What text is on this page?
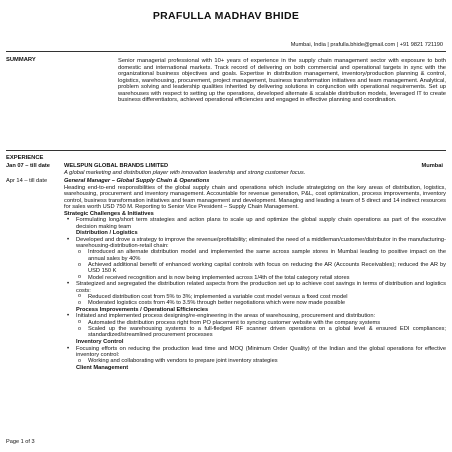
PRAFULLA MADHAV BHIDE
Mumbai, India | prafulla.bhide@gmail.com | +91 9821 721190
SUMMARY	Senior managerial professional with 10+ years of experience in the supply chain management sector with exposure to both domestic and international markets. Track record of delivering on both commercial and operational targets in sync with the organizational business objectives and goals. Expertise in distribution management, inventory/production planning & control, logistics, warehousing, procurement, project management, business transformation initiatives and team management. Analytical, problem solving and leadership qualities inherited by delivering solutions in conjunction with operational requirements. Set up warehouses with respect to setting up the operations, developed alternate & scalable distribution models, leveraged IT to create business differentiators, achieved operational efficiencies and engaged in effective planning and coordination.
EXPERIENCE
Jan 07 – till date WELSPUN GLOBAL BRANDS LIMITED	Mumbai
A global marketing and distribution player with innovation leadership and strong customer focus.
Apr 14 – till date	General Manager – Global Supply Chain & Operations

Heading end-to-end responsibilities of the global supply chain and operations which include strategizing on the key areas of distribution, logistics, warehousing, procurement and inventory management. Accountable for revenue generation, P&L, cost optimization, process improvements, inventory control, business transformation initiatives and team management and development. Managing and leading a team of 5 direct and 14 indirect resources for sales worth USD 750 M. Reporting to Senior Vice President – Supply Chain Management.

Strategic Challenges & Initiatives
• Formulating long/short term strategies and action plans to scale up and optimize the global supply chain operations as part of the executive decision making team
Distribution / Logistics
• Developed and drove a strategy to improve the revenue/profitability; eliminated the need of a middleman/customer/distributor in the manufacturing-warehousing-distribution-retail chain:
o Introduced an alternate distribution model and implemented the same across sample stores in Mumbai leading to positive impact on the annual sales by 40%
o Achieved additional benefit of enhanced working capital controls with focus on reducing the AR (Accounts Receivables); reduced the AR by USD 150 K
o Model received recognition and is now being implemented across 1/4th of the total category retail stores
• Strategized and segregated the distribution related aspects from the production set up to achieve cost savings in terms of distribution and logistics costs:
o Reduced distribution cost from 5% to 3%; implemented a variable cost model versus a fixed cost model
o Moderated logistics costs from 4% to 3.5% through better negotiations which were now made possible
Process Improvements / Operational Efficiencies
• Initiated and implemented process designing/re-engineering in the areas of warehousing, procurement and distribution:
o Automated the distribution process right from PO placement to syncing customer website with the company systems
o Scaled up the warehousing systems to a full-fledged RF scanner driven operations on a global level & ensured EDI compliances; standardized/streamlined procurement processes
Inventory Control
• Focusing efforts on reducing the production lead time and MOQ (Minimum Order Quality) of the Indian and the global operations for effective inventory control:
o Working and collaborating with vendors to prepare joint inventory strategies
Client Management
Page 1 of 3
